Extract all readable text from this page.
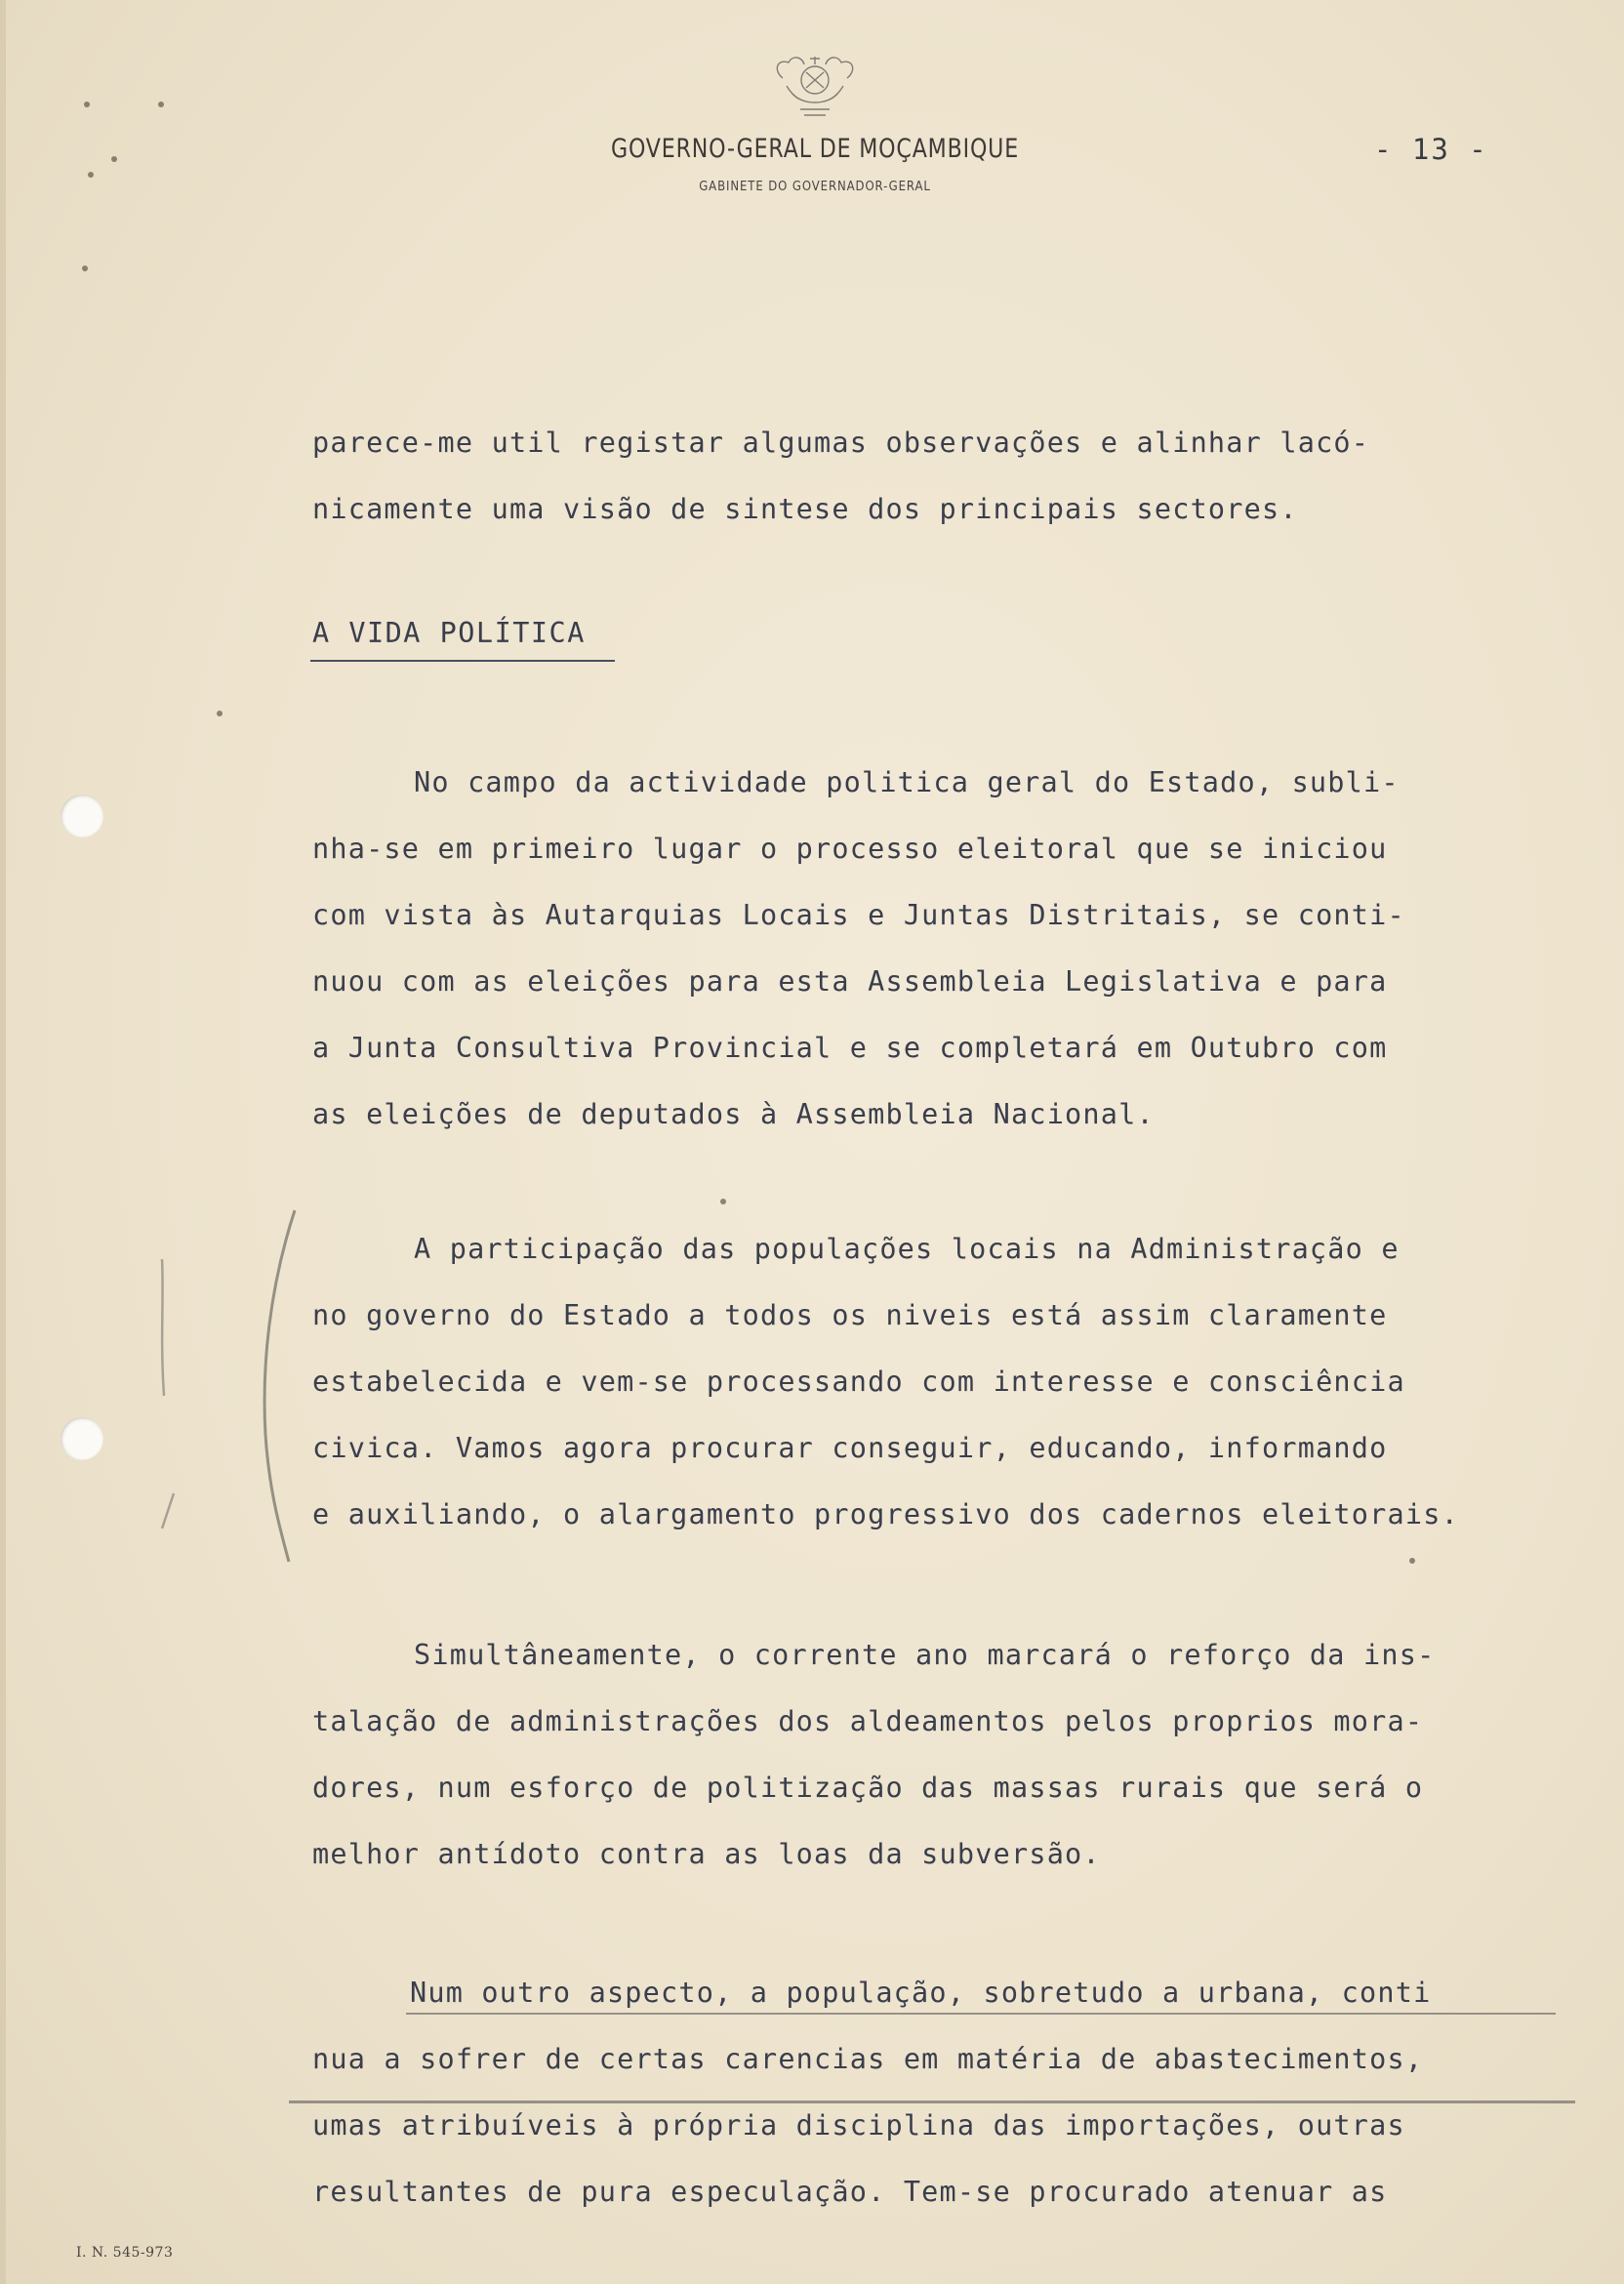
GOVERNO-GERAL DE MOÇAMBIQUE
GABINETE DO GOVERNADOR-GERAL
- 13 -
parece-me util registar algumas observações e alinhar lacó-
nicamente uma visão de sintese dos principais sectores.
A VIDA POLÍTICA
No campo da actividade politica geral do Estado, subli-
nha-se em primeiro lugar o processo eleitoral que se iniciou
com vista às Autarquias Locais e Juntas Distritais, se conti-
nuou com as eleições para esta Assembleia Legislativa e para
a Junta Consultiva Provincial e se completará em Outubro com
as eleições de deputados à Assembleia Nacional.
A participação das populações locais na Administração e
no governo do Estado a todos os niveis está assim claramente
estabelecida e vem-se processando com interesse e consciência
civica. Vamos agora procurar conseguir, educando, informando
e auxiliando, o alargamento progressivo dos cadernos eleitorais.
Simultâneamente, o corrente ano marcará o reforço da ins-
talação de administrações dos aldeamentos pelos proprios mora-
dores, num esforço de politização das massas rurais que será o
melhor antídoto contra as loas da subversão.
Num outro aspecto, a população, sobretudo a urbana, conti
nua a sofrer de certas carencias em matéria de abastecimentos,
umas atribuíveis à própria disciplina das importações, outras
resultantes de pura especulação. Tem-se procurado atenuar as
I. N. 545-973
